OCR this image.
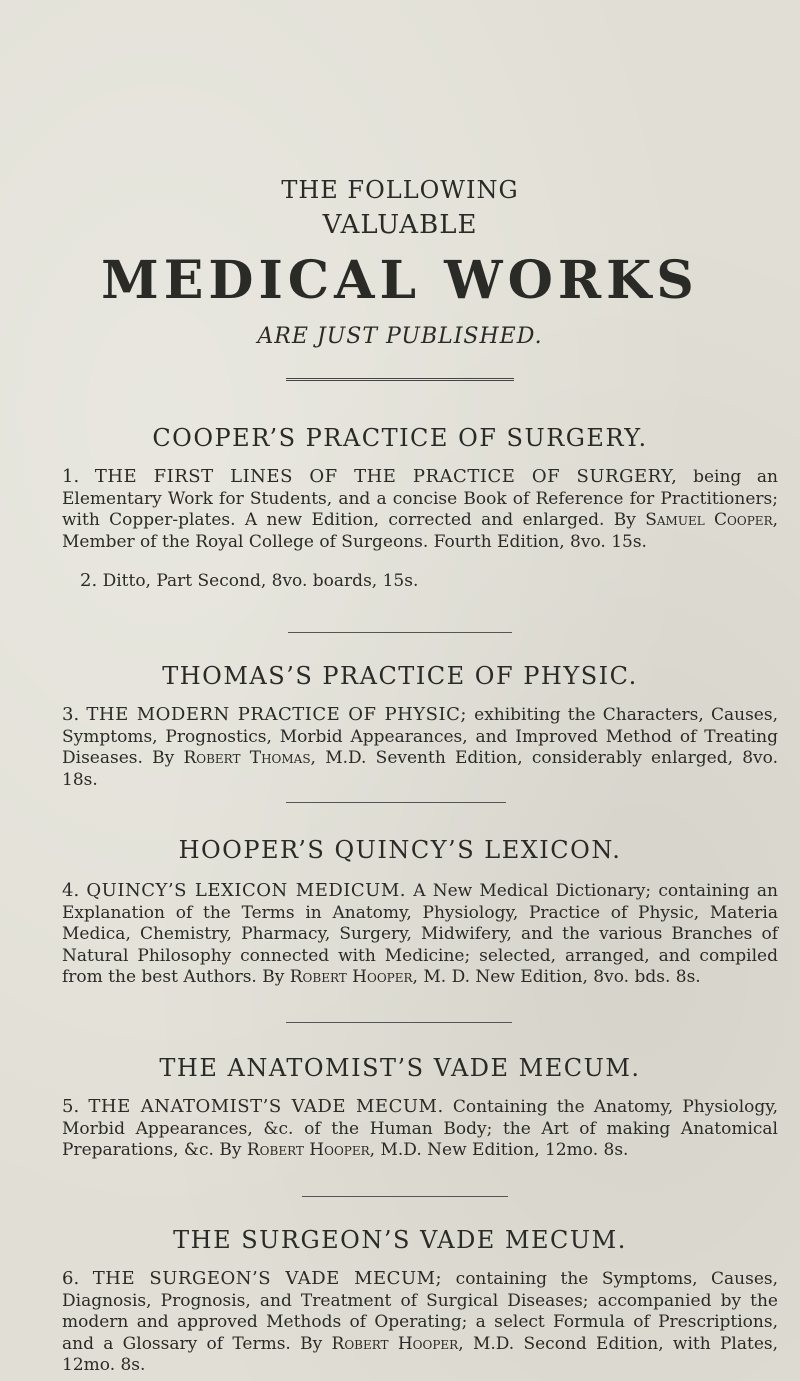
THE FOLLOWING
VALUABLE
MEDICAL WORKS
ARE JUST PUBLISHED.
COOPER’S PRACTICE OF SURGERY.
1. THE FIRST LINES OF THE PRACTICE OF SURGERY, being an Elementary Work for Students, and a concise Book of Reference for Practitioners; with Copper-plates. A new Edition, corrected and enlarged. By Samuel Cooper, Member of the Royal College of Surgeons. Fourth Edition, 8vo. 15s.
2. Ditto, Part Second, 8vo. boards, 15s.
THOMAS’S PRACTICE OF PHYSIC.
3. THE MODERN PRACTICE OF PHYSIC; exhibiting the Characters, Causes, Symptoms, Prognostics, Morbid Appearances, and Improved Method of Treating Diseases. By Robert Thomas, M.D. Seventh Edition, considerably enlarged, 8vo. 18s.
HOOPER’S QUINCY’S LEXICON.
4. QUINCY’S LEXICON MEDICUM. A New Medical Dictionary; containing an Explanation of the Terms in Anatomy, Physiology, Practice of Physic, Materia Medica, Chemistry, Pharmacy, Surgery, Midwifery, and the various Branches of Natural Philosophy connected with Medicine; selected, arranged, and compiled from the best Authors. By Robert Hooper, M. D. New Edition, 8vo. bds. 8s.
THE ANATOMIST’S VADE MECUM.
5. THE ANATOMIST’S VADE MECUM. Containing the Anatomy, Physiology, Morbid Appearances, &c. of the Human Body; the Art of making Anatomical Preparations, &c. By Robert Hooper, M.D. New Edition, 12mo. 8s.
THE SURGEON’S VADE MECUM.
6. THE SURGEON’S VADE MECUM; containing the Symptoms, Causes, Diagnosis, Prognosis, and Treatment of Surgical Diseases; accompanied by the modern and approved Methods of Operating; a select Formula of Prescriptions, and a Glossary of Terms. By Robert Hooper, M.D. Second Edition, with Plates, 12mo. 8s.
